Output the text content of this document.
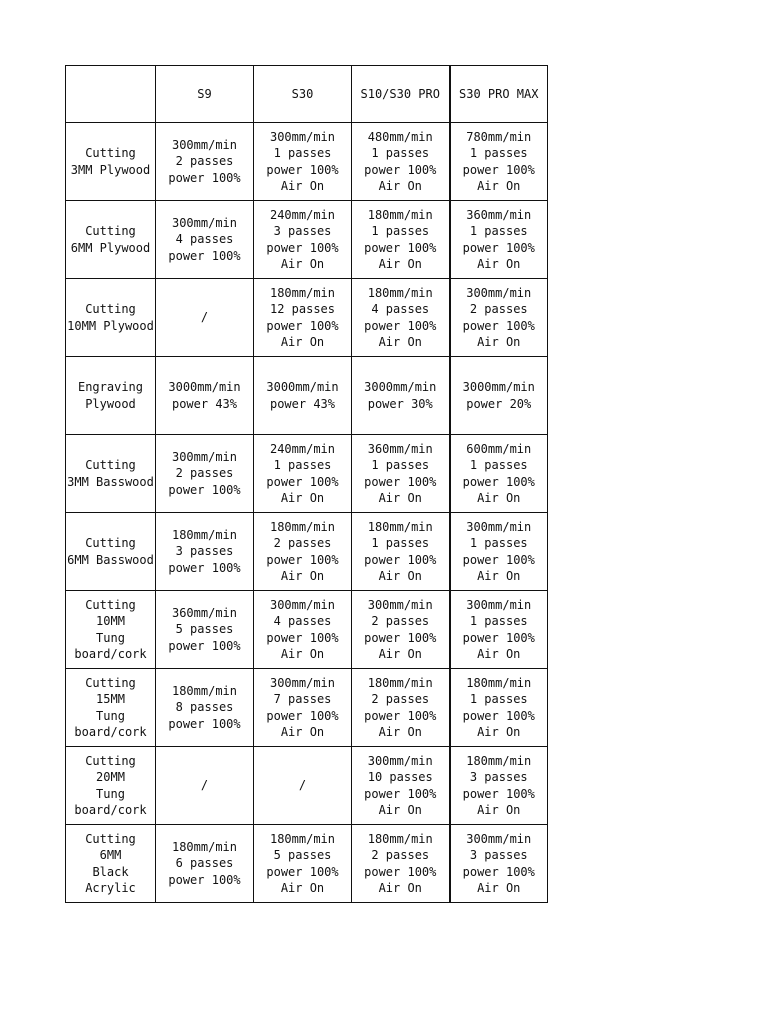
	S9	S30	S10/S30 PRO	S30 PRO MAX

Cutting
3MM Plywood	300mm/min
2 passes
power 100%	300mm/min
1 passes
power 100%
Air On	480mm/min
1 passes
power 100%
Air On	780mm/min
1 passes
power 100%
Air On

Cutting
6MM Plywood	300mm/min
4 passes
power 100%	240mm/min
3 passes
power 100%
Air On	180mm/min
1 passes
power 100%
Air On	360mm/min
1 passes
power 100%
Air On

Cutting
10MM Plywood	/	180mm/min
12 passes
power 100%
Air On	180mm/min
4 passes
power 100%
Air On	300mm/min
2 passes
power 100%
Air On

Engraving
Plywood	3000mm/min
power 43%	3000mm/min
power 43%	3000mm/min
power 30%	3000mm/min
power 20%

Cutting
3MM Basswood	300mm/min
2 passes
power 100%	240mm/min
1 passes
power 100%
Air On	360mm/min
1 passes
power 100%
Air On	600mm/min
1 passes
power 100%
Air On

Cutting
6MM Basswood	180mm/min
3 passes
power 100%	180mm/min
2 passes
power 100%
Air On	180mm/min
1 passes
power 100%
Air On	300mm/min
1 passes
power 100%
Air On

Cutting
10MM
Tung
board/cork	360mm/min
5 passes
power 100%	300mm/min
4 passes
power 100%
Air On	300mm/min
2 passes
power 100%
Air On	300mm/min
1 passes
power 100%
Air On

Cutting
15MM
Tung
board/cork	180mm/min
8 passes
power 100%	300mm/min
7 passes
power 100%
Air On	180mm/min
2 passes
power 100%
Air On	180mm/min
1 passes
power 100%
Air On

Cutting
20MM
Tung
board/cork	/	/	300mm/min
10 passes
power 100%
Air On	180mm/min
3 passes
power 100%
Air On

Cutting
6MM
Black
Acrylic	180mm/min
6 passes
power 100%	180mm/min
5 passes
power 100%
Air On	180mm/min
2 passes
power 100%
Air On	300mm/min
3 passes
power 100%
Air On
